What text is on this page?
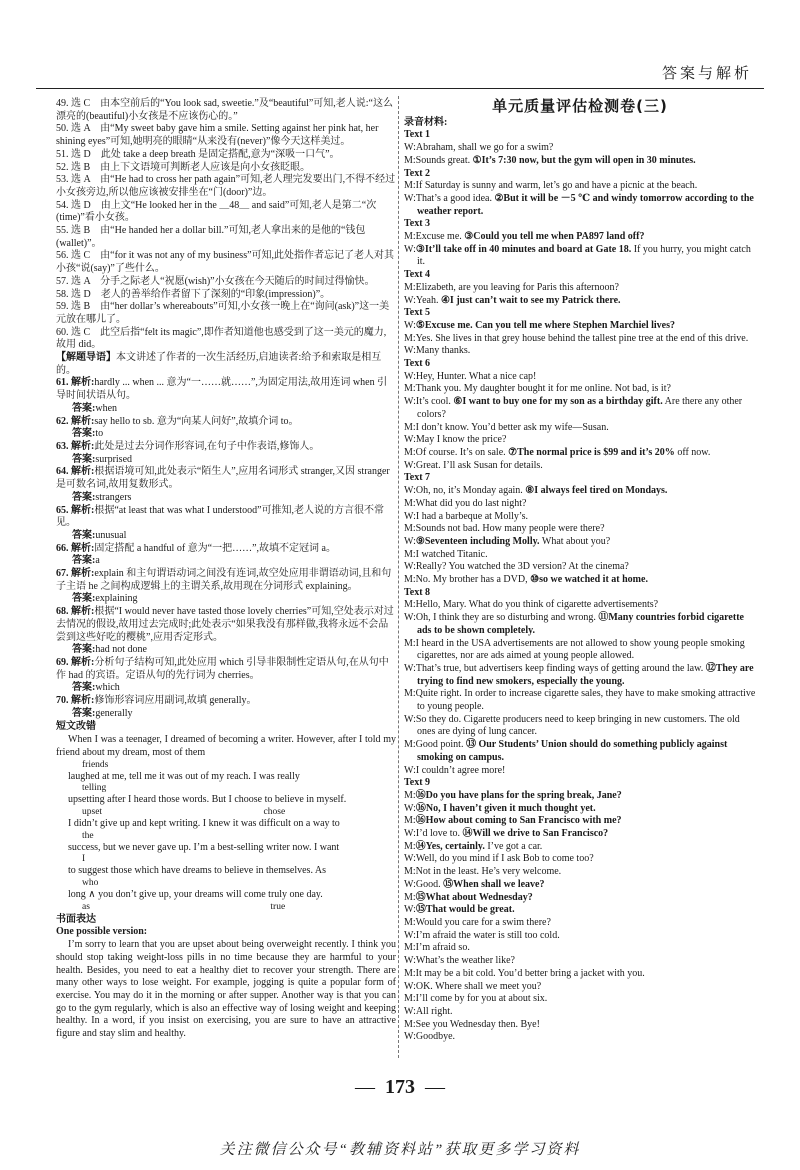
答案与解析

49. 选 C　由本空前后的“You look sad, sweetie.”及“beautiful”可知,老人说:“这么漂亮的(beautiful)小女孩是不应该伤心的。”

50. 选 A　由“My sweet baby gave him a smile. Setting against her pink hat, her shining eyes”可知,她明亮的眼睛“从来没有(never)”像今天这样美过。

51. 选 D　此处 take a deep breath 是固定搭配,意为“深吸一口气”。

52. 选 B　由上下文语境可判断老人应该是向小女孩眨眼。

53. 选 A　由“He had to cross her path again”可知,老人理完发要出门,不得不经过小女孩旁边,所以他应该被安排坐在“门(door)”边。

54. 选 D　由上文“He looked her in the ＿48＿ and said”可知,老人是第二“次(time)”看小女孩。

55. 选 B　由“He handed her a dollar bill.”可知,老人拿出来的是他的“钱包(wallet)”。

56. 选 C　由“for it was not any of my business”可知,此处指作者忘记了老人对其小孩“说(say)”了些什么。

57. 选 A　分手之际老人“祝愿(wish)”小女孩在今天随后的时间过得愉快。

58. 选 D　老人的善举给作者留下了深刻的“印象(impression)”。

59. 选 B　由“her dollar’s whereabouts”可知,小女孩一晚上在“询问(ask)”这一美元放在哪儿了。

60. 选 C　此空后指“felt its magic”,即作者知道他也感受到了这一美元的魔力,故用 did。

【解题导语】本文讲述了作者的一次生活经历,启迪读者:给予和索取是相互的。

61. 解析:hardly ... when ... 意为“一……就……”,为固定用法,故用连词 when 引导时间状语从句。

答案:when

62. 解析:say hello to sb. 意为“向某人问好”,故填介词 to。

答案:to

63. 解析:此处是过去分词作形容词,在句子中作表语,修饰人。

答案:surprised

64. 解析:根据语境可知,此处表示“陌生人”,应用名词形式 stranger,又因 stranger 是可数名词,故用复数形式。

答案:strangers

65. 解析:根据“at least that was what I understood”可推知,老人说的方言很不常见。

答案:unusual

66. 解析:固定搭配 a handful of 意为“一把……”,故填不定冠词 a。

答案:a

67. 解析:explain 和主句谓语动词之间没有连词,故空处应用非谓语动词,且和句子主语 he 之间构成逻辑上的主谓关系,故用现在分词形式 explaining。

答案:explaining

68. 解析:根据“I would never have tasted those lovely cherries”可知,空处表示对过去情况的假设,故用过去完成时;此处表示“如果我没有那样做,我将永远不会品尝到这些好吃的樱桃”,应用否定形式。

答案:had not done

69. 解析:分析句子结构可知,此处应用 which 引导非限制性定语从句,在从句中作 had 的宾语。定语从句的先行词为 cherries。

答案:which

70. 解析:修饰形容词应用副词,故填 generally。

答案:generally

短文改错

When I was a teenager, I dreamed of becoming a writer. However, after I told my friend about my dream, most of them
friends

laughed at me, tell me it was out of my reach. I was really
telling

upsetting after I heard those words. But I choose to believe in myself.
upset　　　　　　　　　　　　　　　　　chose

I didn’t give up and kept writing. I knew it was difficult on a way to
the

success, but we never gave up. I’m a best-selling writer now. I want
I

to suggest those which have dreams to believe in themselves. As
who

long ∧ you don’t give up, your dreams will come truly one day.
as　　　　　　　　　　　　　　　　　　　true

书面表达
One possible version:

I’m sorry to learn that you are upset about being overweight recently. I think you should stop taking weight-loss pills in no time because they are harmful to your health. Besides, you need to eat a healthy diet to recover your strength. There are many other ways to lose weight. For example, jogging is quite a popular form of exercise. You may do it in the morning or after supper. Another way is that you can go to the gym regularly, which is also an effective way of losing weight and keeping healthy. In a word, if you insist on exercising, you are sure to have an attractive figure and stay slim and healthy.

单元质量评估检测卷(三)
录音材料:
Text 1

W:Abraham, shall we go for a swim?

M:Sounds great. ①It’s 7:30 now, but the gym will open in 30 minutes.

Text 2

M:If Saturday is sunny and warm, let’s go and have a picnic at the beach.

W:That’s a good idea. ②But it will be －5 ℃ and windy tomorrow according to the weather report.

Text 3

M:Excuse me. ③Could you tell me when PA897 land off?

W:③It’ll take off in 40 minutes and board at Gate 18. If you hurry, you might catch it.

Text 4

M:Elizabeth, are you leaving for Paris this afternoon?

W:Yeah. ④I just can’t wait to see my Patrick there.

Text 5

W:⑤Excuse me. Can you tell me where Stephen Marchiel lives?

M:Yes. She lives in that grey house behind the tallest pine tree at the end of this drive.

W:Many thanks.

Text 6

W:Hey, Hunter. What a nice cap!

M:Thank you. My daughter bought it for me online. Not bad, is it?

W:It’s cool. ⑥I want to buy one for my son as a birthday gift. Are there any other colors?

M:I don’t know. You’d better ask my wife—Susan.

W:May I know the price?

M:Of course. It’s on sale. ⑦The normal price is $99 and it’s 20% off now.

W:Great. I’ll ask Susan for details.

Text 7

W:Oh, no, it’s Monday again. ⑧I always feel tired on Mondays.

M:What did you do last night?

W:I had a barbeque at Molly’s.

M:Sounds not bad. How many people were there?

W:⑨Seventeen including Molly. What about you?

M:I watched Titanic.

W:Really? You watched the 3D version? At the cinema?

M:No. My brother has a DVD, ⑩so we watched it at home.

Text 8

M:Hello, Mary. What do you think of cigarette advertisements?

W:Oh, I think they are so disturbing and wrong. ⑪Many countries forbid cigarette ads to be shown completely.

M:I heard in the USA advertisements are not allowed to show young people smoking cigarettes, nor are ads aimed at young people allowed.

W:That’s true, but advertisers keep finding ways of getting around the law. ⑫They are trying to find new smokers, especially the young.

M:Quite right. In order to increase cigarette sales, they have to make smoking attractive to young people.

W:So they do. Cigarette producers need to keep bringing in new customers. The old ones are dying of lung cancer.

M:Good point. ⑬ Our Students’ Union should do something publicly against smoking on campus.

W:I couldn’t agree more!

Text 9

M:⑯Do you have plans for the spring break, Jane?

W:⑯No, I haven’t given it much thought yet.

M:⑯How about coming to San Francisco with me?

W:I’d love to. ⑭Will we drive to San Francisco?

M:⑭Yes, certainly. I’ve got a car.

W:Well, do you mind if I ask Bob to come too?

M:Not in the least. He’s very welcome.

W:Good. ⑮When shall we leave?

M:⑮What about Wednesday?

W:⑮That would be great.

M:Would you care for a swim there?

W:I’m afraid the water is still too cold.

M:I’m afraid so.

W:What’s the weather like?

M:It may be a bit cold. You’d better bring a jacket with you.

W:OK. Where shall we meet you?

M:I’ll come by for you at about six.

W:All right.

M:See you Wednesday then. Bye!

W:Goodbye.

— 173 —
关注微信公众号“教辅资料站”获取更多学习资料
